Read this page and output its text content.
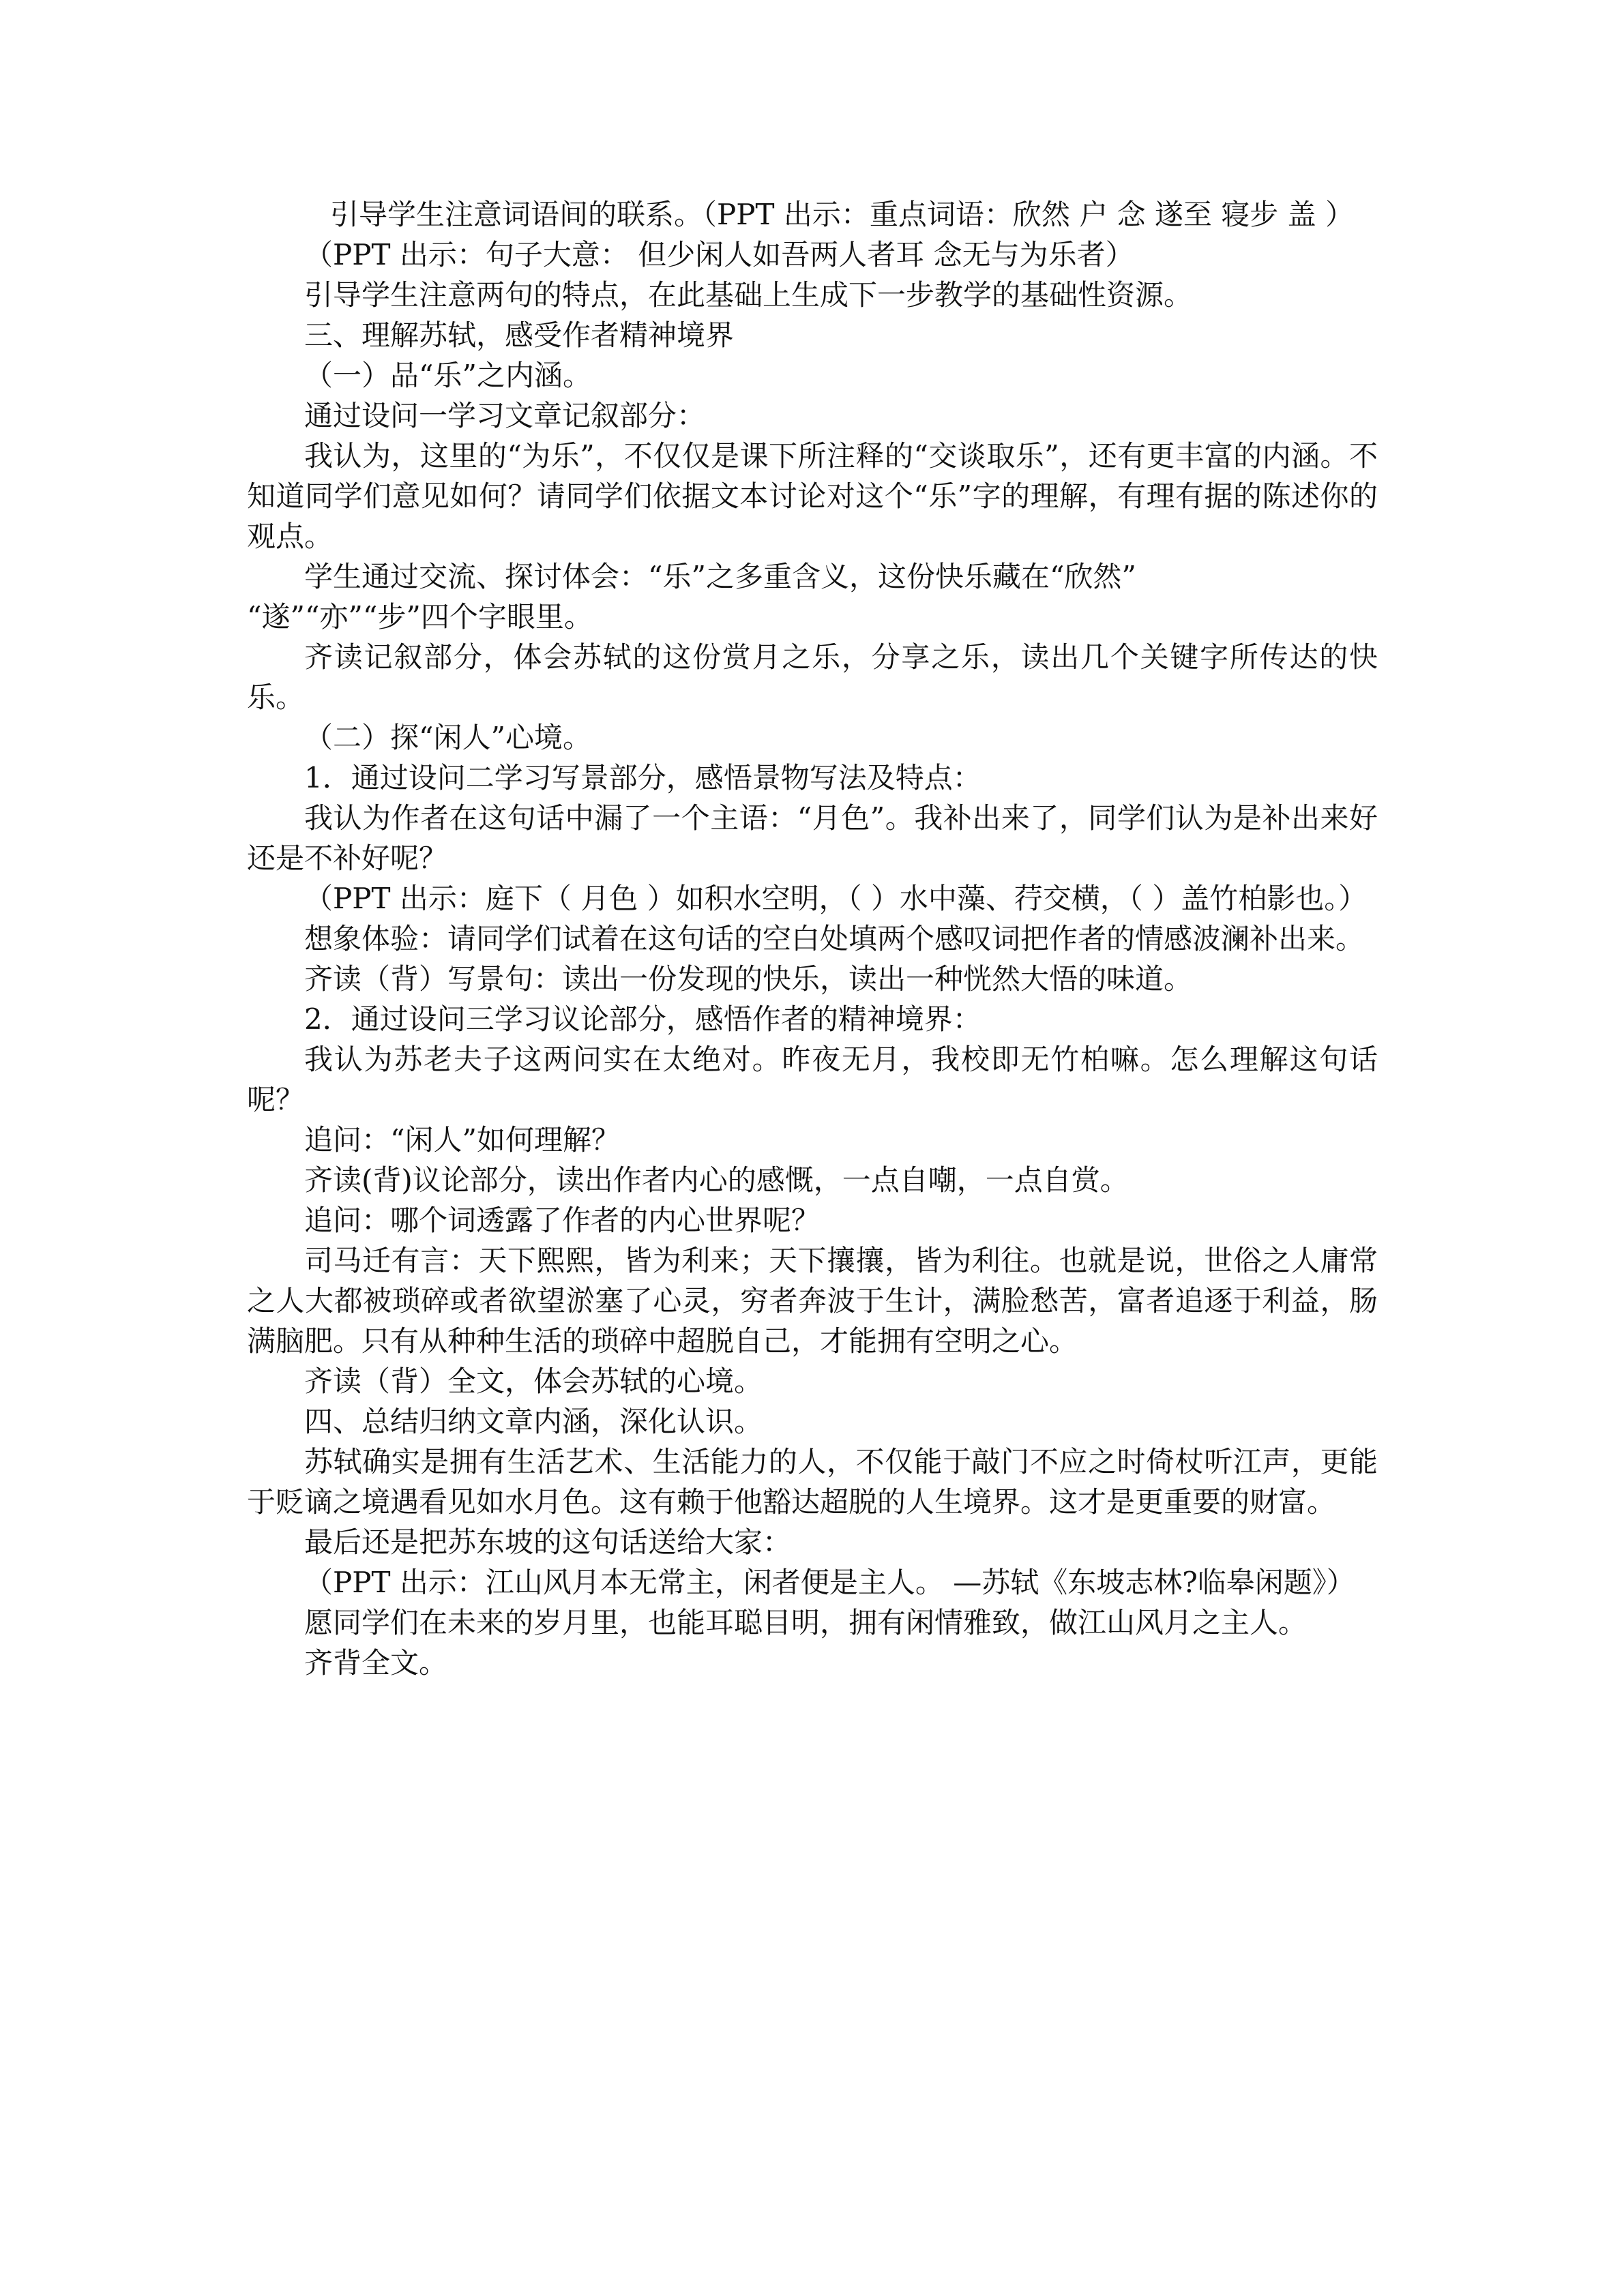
引导学生注意词语间的联系。（PPT 出示：重点词语：欣然 户 念 遂至 寝步 盖 ）

（PPT 出示：句子大意： 但少闲人如吾两人者耳 念无与为乐者）

引导学生注意两句的特点，在此基础上生成下一步教学的基础性资源。

三、理解苏轼，感受作者精神境界

（一）品“乐”之内涵。

通过设问一学习文章记叙部分：

我认为，这里的“为乐”，不仅仅是课下所注释的“交谈取乐”，还有更丰富的内涵。不知道同学们意见如何？请同学们依据文本讨论对这个“乐”字的理解，有理有据的陈述你的观点。

学生通过交流、探讨体会：“乐”之多重含义，这份快乐藏在“欣然”

“遂”“亦”“步”四个字眼里。

齐读记叙部分，体会苏轼的这份赏月之乐，分享之乐，读出几个关键字所传达的快乐。

（二）探“闲人”心境。

1．通过设问二学习写景部分，感悟景物写法及特点：

我认为作者在这句话中漏了一个主语：“月色”。我补出来了，同学们认为是补出来好还是不补好呢？

（PPT 出示：庭下（ 月色 ）如积水空明，（ ）水中藻、荇交横，（ ）盖竹柏影也。）

想象体验：请同学们试着在这句话的空白处填两个感叹词把作者的情感波澜补出来。

齐读（背）写景句：读出一份发现的快乐，读出一种恍然大悟的味道。

2．通过设问三学习议论部分，感悟作者的精神境界：

我认为苏老夫子这两问实在太绝对。昨夜无月，我校即无竹柏嘛。怎么理解这句话呢？

追问：“闲人”如何理解？

齐读(背)议论部分，读出作者内心的感慨，一点自嘲，一点自赏。

追问：哪个词透露了作者的内心世界呢？

司马迁有言：天下熙熙，皆为利来；天下攘攘，皆为利往。也就是说，世俗之人庸常之人大都被琐碎或者欲望淤塞了心灵，穷者奔波于生计，满脸愁苦，富者追逐于利益，肠满脑肥。只有从种种生活的琐碎中超脱自己，才能拥有空明之心。

齐读（背）全文，体会苏轼的心境。

四、总结归纳文章内涵，深化认识。

苏轼确实是拥有生活艺术、生活能力的人，不仅能于敲门不应之时倚杖听江声，更能于贬谪之境遇看见如水月色。这有赖于他豁达超脱的人生境界。这才是更重要的财富。

最后还是把苏东坡的这句话送给大家：

（PPT 出示：江山风月本无常主，闲者便是主人。 —苏轼《东坡志林?临皋闲题》）

愿同学们在未来的岁月里，也能耳聪目明，拥有闲情雅致，做江山风月之主人。

齐背全文。
